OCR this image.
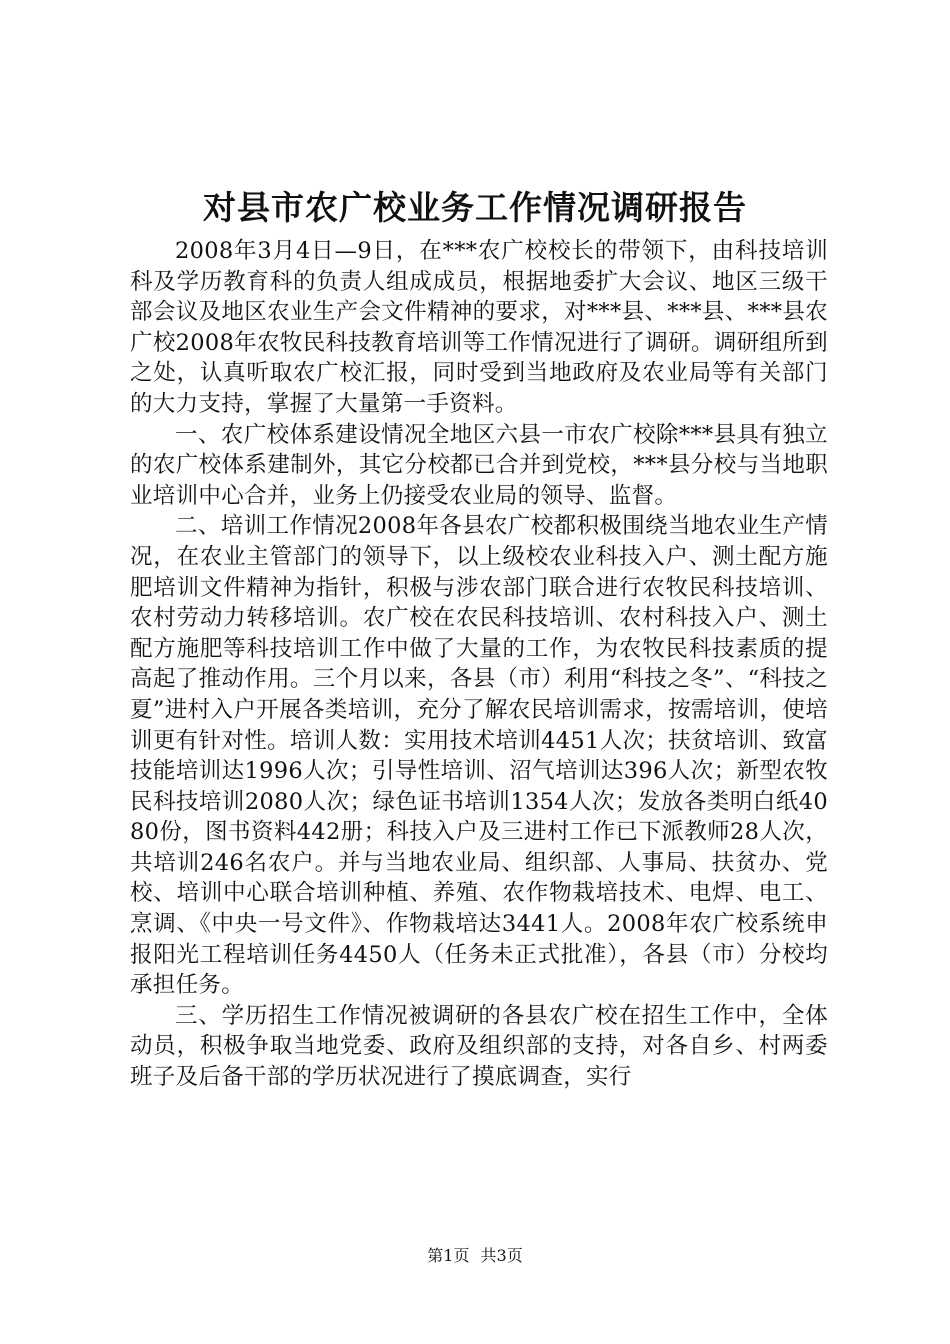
对县市农广校业务工作情况调研报告

2008年3月4日—9日，在***农广校校长的带领下，由科技培训科及学历教育科的负责人组成成员，根据地委扩大会议、地区三级干部会议及地区农业生产会文件精神的要求，对***县、***县、***县农广校2008年农牧民科技教育培训等工作情况进行了调研。调研组所到之处，认真听取农广校汇报，同时受到当地政府及农业局等有关部门的大力支持，掌握了大量第一手资料。

一、农广校体系建设情况全地区六县一市农广校除***县具有独立的农广校体系建制外，其它分校都已合并到党校，***县分校与当地职业培训中心合并，业务上仍接受农业局的领导、监督。

二、培训工作情况2008年各县农广校都积极围绕当地农业生产情况，在农业主管部门的领导下，以上级校农业科技入户、测土配方施肥培训文件精神为指针，积极与涉农部门联合进行农牧民科技培训、农村劳动力转移培训。农广校在农民科技培训、农村科技入户、测土配方施肥等科技培训工作中做了大量的工作，为农牧民科技素质的提高起了推动作用。三个月以来，各县（市）利用“科技之冬”、“科技之夏”进村入户开展各类培训，充分了解农民培训需求，按需培训，使培训更有针对性。培训人数：实用技术培训4451人次；扶贫培训、致富技能培训达1996人次；引导性培训、沼气培训达396人次；新型农牧民科技培训2080人次；绿色证书培训1354人次；发放各类明白纸4080份，图书资料442册；科技入户及三进村工作已下派教师28人次，共培训246名农户。并与当地农业局、组织部、人事局、扶贫办、党校、培训中心联合培训种植、养殖、农作物栽培技术、电焊、电工、烹调、《中央一号文件》、作物栽培达3441人。2008年农广校系统申报阳光工程培训任务4450人（任务未正式批准），各县（市）分校均承担任务。

三、学历招生工作情况被调研的各县农广校在招生工作中，全体动员，积极争取当地党委、政府及组织部的支持，对各自乡、村两委班子及后备干部的学历状况进行了摸底调查，实行

第1页 共3页
